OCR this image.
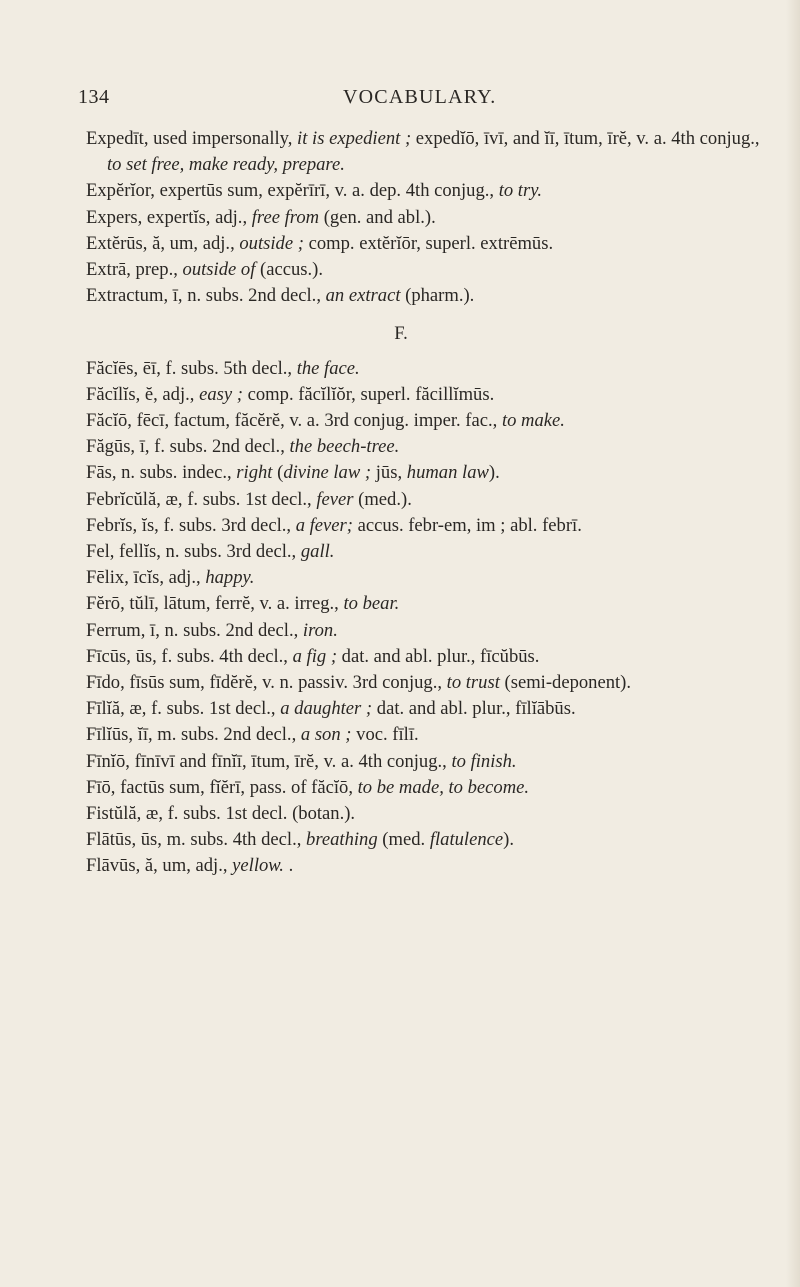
134	VOCABULARY.

Expedīt, used impersonally, it is expedient ; expedĭō, īvī, and ĭī, ītum, īrĕ, v. a. 4th conjug., to set free, make ready, prepare.

Expĕrĭor, expertūs sum, expĕrīrī, v. a. dep. 4th conjug., to try.

Expers, expertĭs, adj., free from (gen. and abl.).

Extĕrūs, ă, um, adj., outside ; comp. extĕrĭōr, superl. extrēmūs.

Extrā, prep., outside of (accus.).

Extractum, ī, n. subs. 2nd decl., an extract (pharm.).

F.

Făcĭēs, ēī, f. subs. 5th decl., the face.

Făcĭlĭs, ĕ, adj., easy ; comp. făcĭlĭŏr, superl. făcillĭmūs.

Făcĭō, fēcī, factum, făcĕrĕ, v. a. 3rd conjug. imper. fac., to make.

Făgūs, ī, f. subs. 2nd decl., the beech-tree.

Fās, n. subs. indec., right (divine law ; jūs, human law).

Febrĭcŭlă, æ, f. subs. 1st decl., fever (med.).

Febrĭs, ĭs, f. subs. 3rd decl., a fever; accus. febr-em, im ; abl. febrī.

Fel, fellĭs, n. subs. 3rd decl., gall.

Fēlix, īcĭs, adj., happy.

Fĕrō, tŭlī, lātum, ferrĕ, v. a. irreg., to bear.

Ferrum, ī, n. subs. 2nd decl., iron.

Fīcūs, ūs, f. subs. 4th decl., a fig ; dat. and abl. plur., fīcŭbūs.

Fīdo, fīsūs sum, fīdĕrĕ, v. n. passiv. 3rd conjug., to trust (semi-deponent).

Fīlĭă, æ, f. subs. 1st decl., a daughter ; dat. and abl. plur., fīlĭābūs.

Fīlĭūs, ĭī, m. subs. 2nd decl., a son ; voc. fīlī.

Fīnĭō, fīnīvī and fīnĭī, ītum, īrĕ, v. a. 4th conjug., to finish.

Fīō, factūs sum, fĭĕrī, pass. of făcĭō, to be made, to become.

Fistŭlă, æ, f. subs. 1st decl. (botan.).

Flātūs, ūs, m. subs. 4th decl., breathing (med. flatulence).

Flāvūs, ă, um, adj., yellow. .
